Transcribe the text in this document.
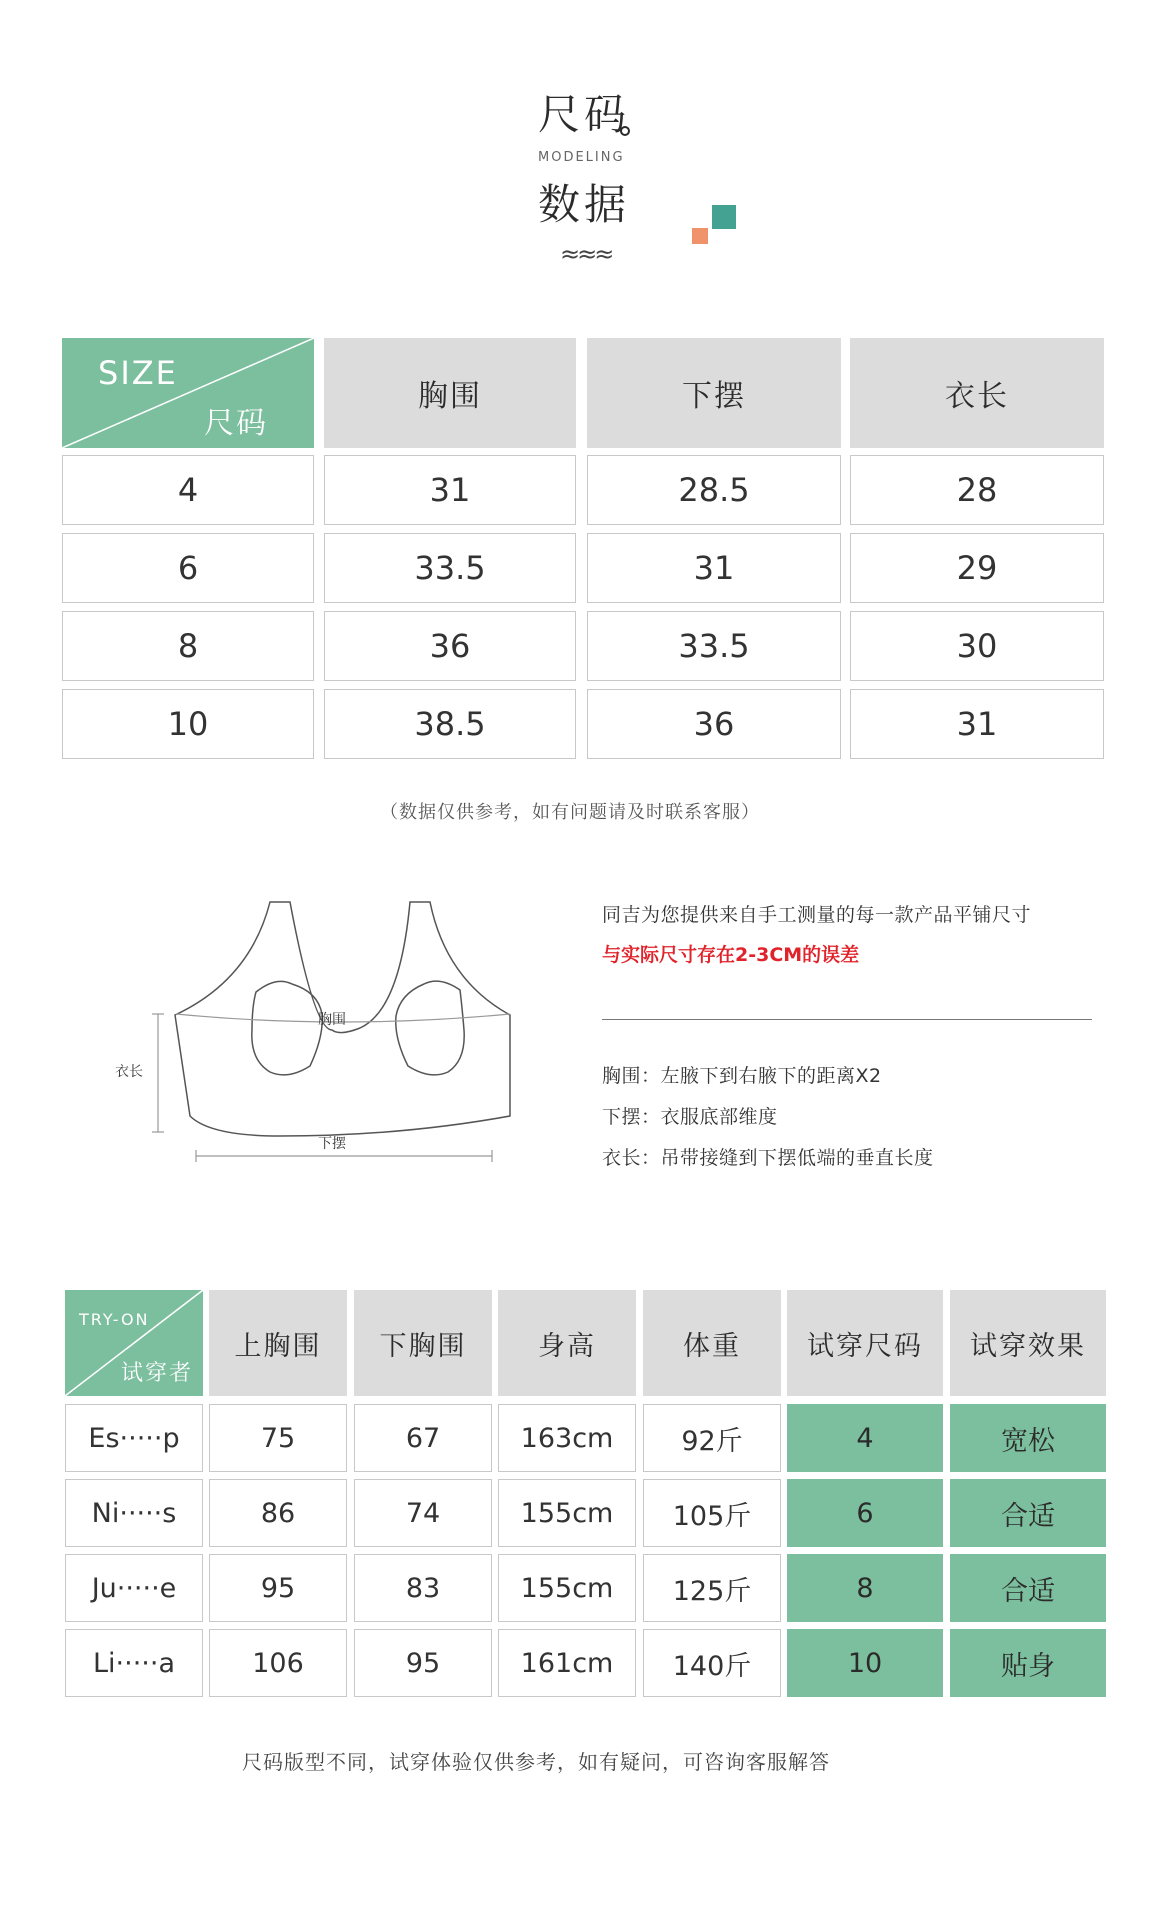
尺码
MODELING
数据
≈≈≈
SIZE
尺码
胸围	下摆	衣长
4	31	28.5	28
6	33.5	31	29
8	36	33.5	30
10	38.5	36	31
（数据仅供参考，如有问题请及时联系客服）
胸围
衣长
下摆
同吉为您提供来自手工测量的每一款产品平铺尺寸
与实际尺寸存在2-3CM的误差
胸围：左腋下到右腋下的距离X2
下摆：衣服底部维度
衣长：吊带接缝到下摆低端的垂直长度
TRY-ON
试穿者
上胸围	下胸围	身高	体重	试穿尺码	试穿效果
Es·····p	75	67	163cm	92斤	4	宽松
Ni·····s	86	74	155cm	105斤	6	合适
Ju·····e	95	83	155cm	125斤	8	合适
Li·····a	106	95	161cm	140斤	10	贴身
尺码版型不同，试穿体验仅供参考，如有疑问，可咨询客服解答
